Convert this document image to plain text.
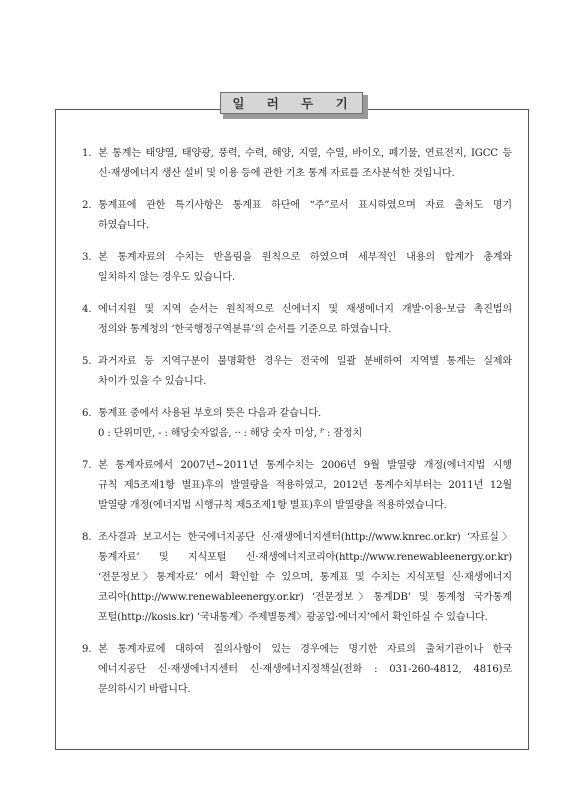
일 러 두 기
1. 본 통계는 태양열, 태양광, 풍력, 수력, 해양, 지열, 수열, 바이오, 폐기물, 연료전지, IGCC 등
신·재생에너지 생산 설비 및 이용 등에 관한 기초 통계 자료를 조사분석한 것입니다.
2. 통계표에 관한 특기사항은 통계표 하단에 “주”로서 표시하였으며 자료 출처도 명기
하였습니다.
3. 본 통계자료의 수치는 반올림을 원칙으로 하였으며 세부적인 내용의 합계가 총계와
일치하지 않는 경우도 있습니다.
4. 에너지원 및 지역 순서는 원칙적으로 신에너지 및 재생에너지 개발·이용·보급 촉진법의
정의와 통계청의 ‘한국행정구역분류’의 순서를 기준으로 하였습니다.
5. 과거자료 등 지역구분이 불명확한 경우는 전국에 일괄 분배하여 지역별 통계는 실제와
차이가 있을 수 있습니다.
6. 통계표 중에서 사용된 부호의 뜻은 다음과 같습니다.
0 : 단위미만, - : 해당숫자없음, ·· : 해당 숫자 미상, ᴾ : 잠정치
7. 본 통계자료에서 2007년~2011년 통계수치는 2006년 9월 발열량 개정(에너지법 시행
규칙 제5조제1항 별표)후의 발열량을 적용하였고, 2012년 통계수치부터는 2011년 12월
발열량 개정(에너지법 시행규칙 제5조제1항 별표)후의 발열량을 적용하였습니다.
8. 조사결과 보고서는 한국에너지공단 신·재생에너지센터(http://www.knrec.or.kr) ‘자료실〉
통계자료’ 및 지식포털 신·재생에너지코리아(http://www.renewableenergy.or.kr)
‘전문정보〉통계자료’ 에서 확인할 수 있으며, 통계표 및 수치는 지식포털 신·재생에너지
코리아(http://www.renewableenergy.or.kr) ‘전문정보〉통계DB’ 및 통계청 국가통계
포털(http://kosis.kr) ‘국내통계〉주제별통계〉광공업·에너지’에서 확인하실 수 있습니다.
9. 본 통계자료에 대하여 질의사항이 있는 경우에는 명기한 자료의 출처기관이나 한국
에너지공단 신·재생에너지센터 신·재생에너지정책실(전화 : 031-260-4812, 4816)로
문의하시기 바랍니다.
